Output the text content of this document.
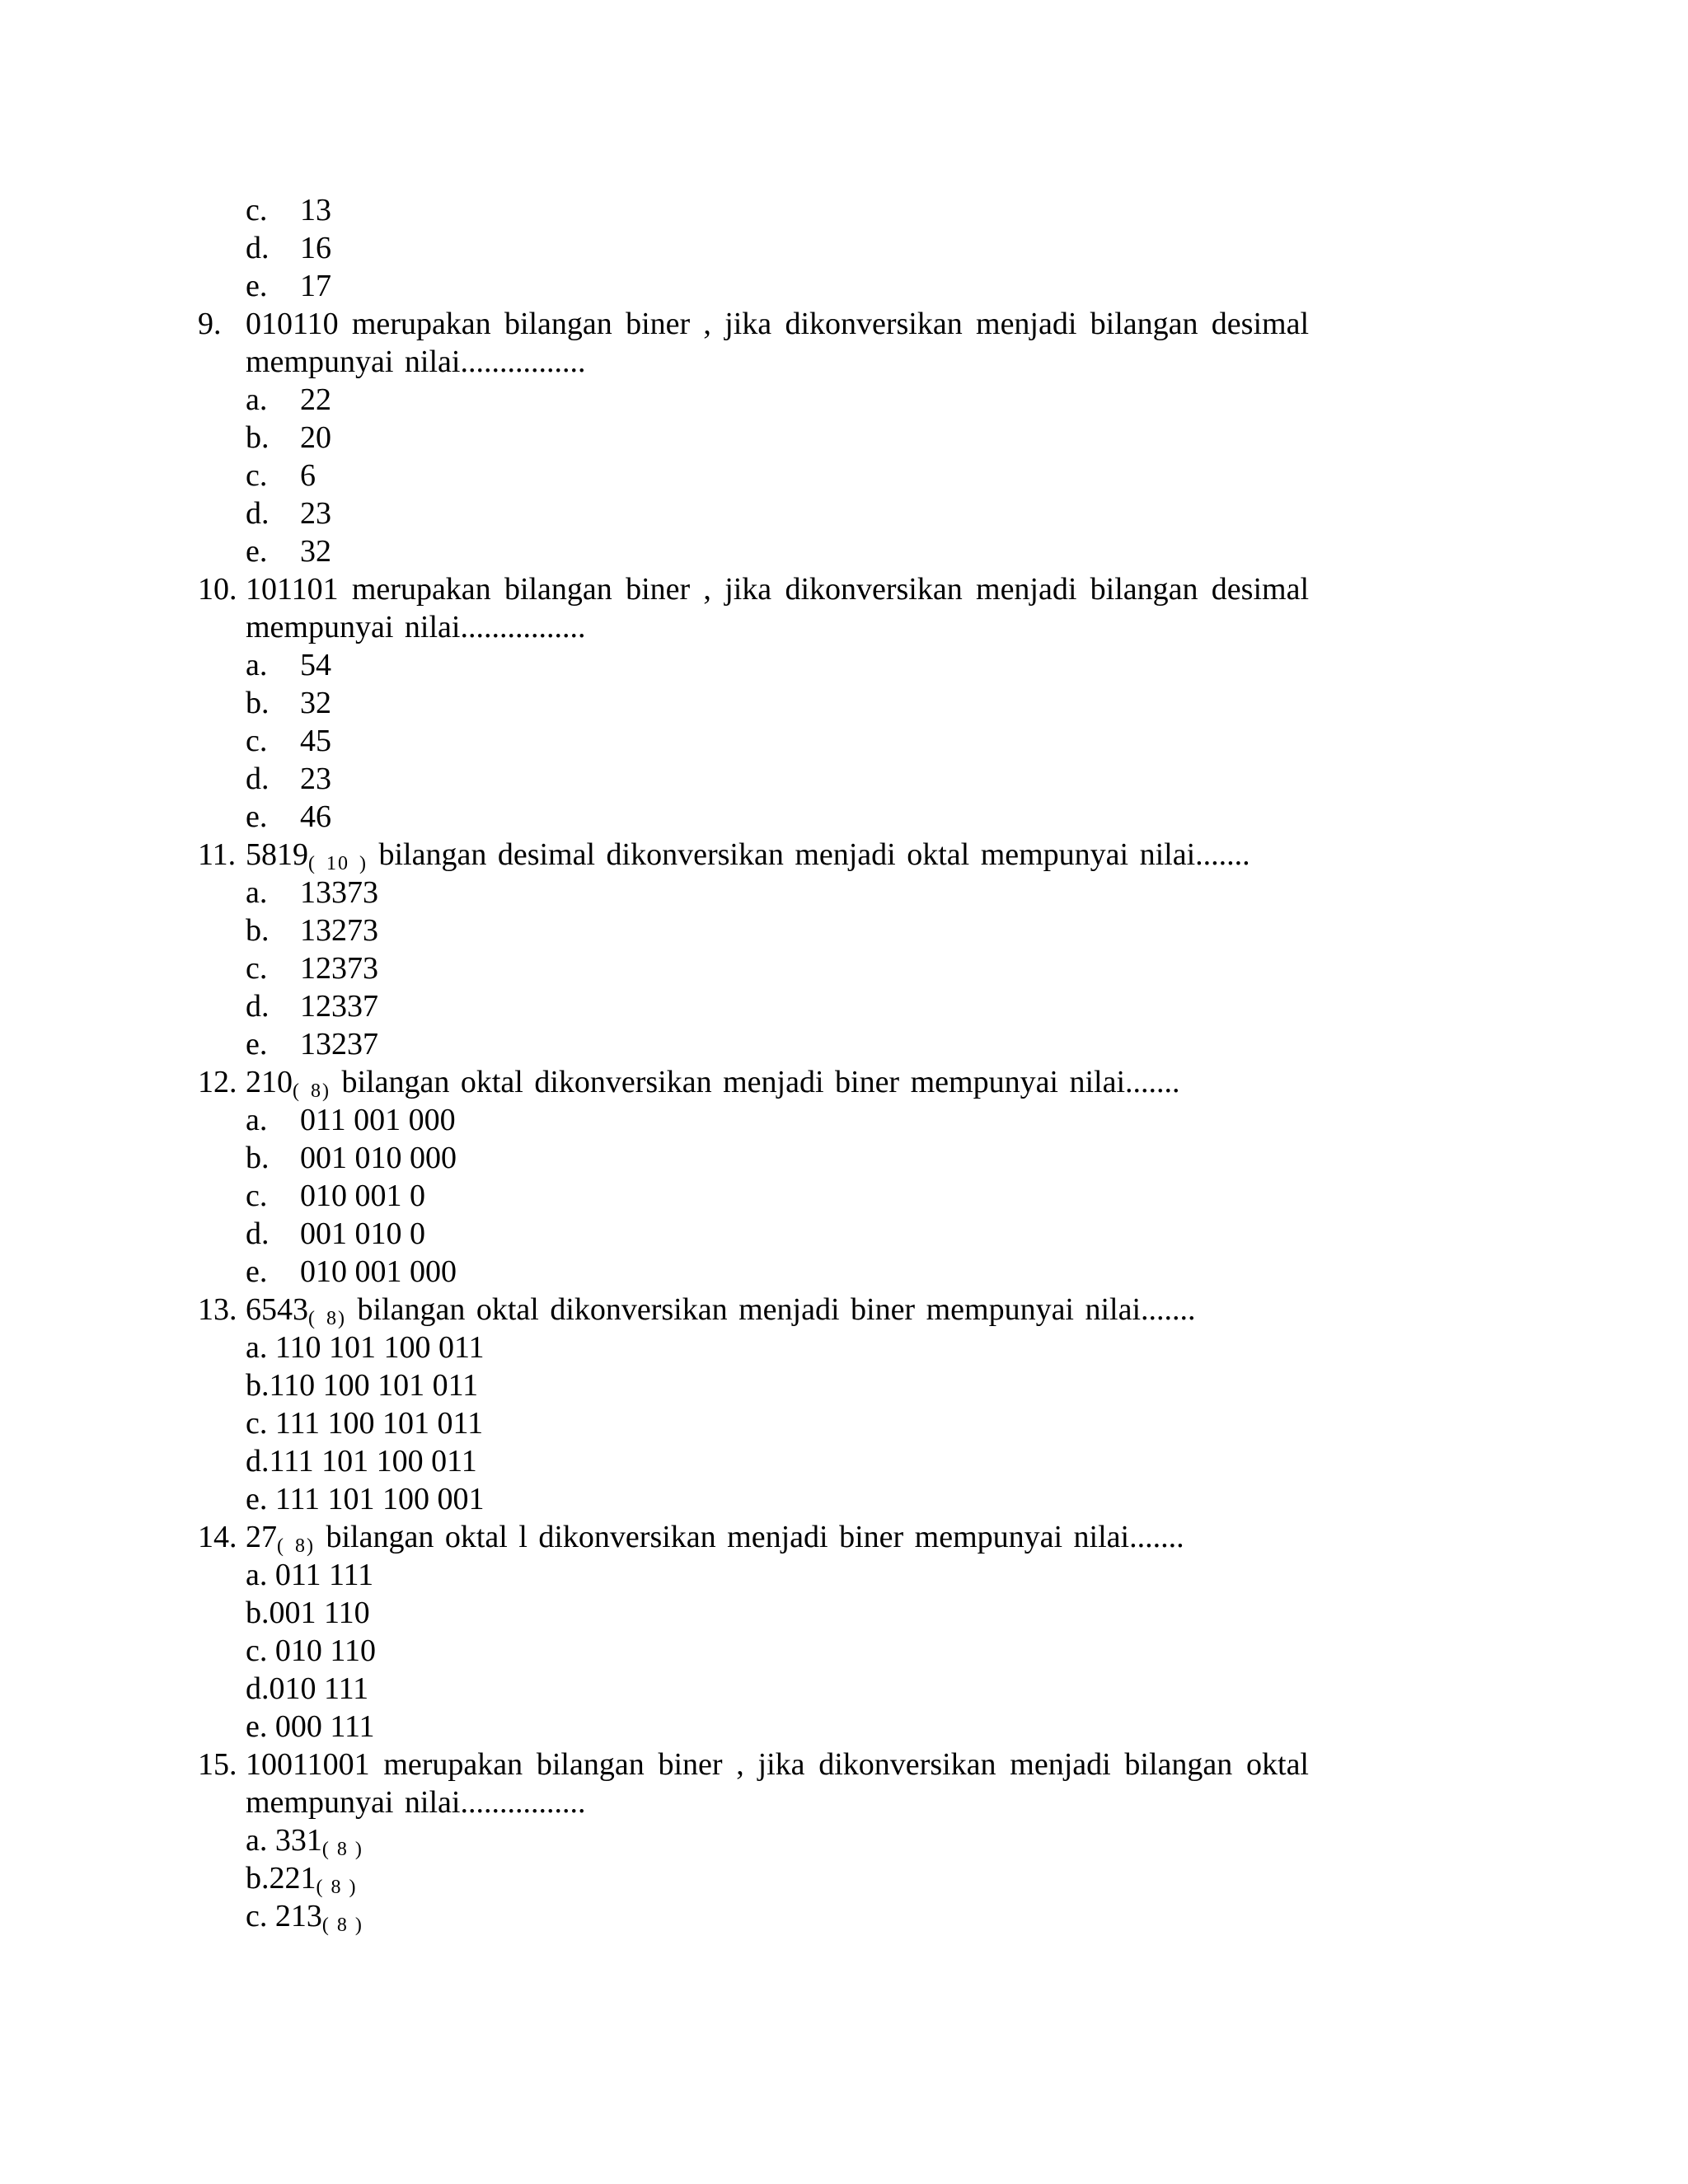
c. 13
d. 16
e. 17
9. 010110 merupakan bilangan biner , jika dikonversikan menjadi bilangan desimal
mempunyai nilai................
a. 22
b. 20
c. 6
d. 23
e. 32
10. 101101 merupakan bilangan biner , jika dikonversikan menjadi bilangan desimal
mempunyai nilai................
a. 54
b. 32
c. 45
d. 23
e. 46
11. 5819( 10 ) bilangan desimal dikonversikan menjadi oktal mempunyai nilai.......
a. 13373
b. 13273
c. 12373
d. 12337
e. 13237
12. 210( 8) bilangan oktal dikonversikan menjadi biner mempunyai nilai.......
a. 011 001 000
b. 001 010 000
c. 010 001 0
d. 001 010 0
e. 010 001 000
13. 6543( 8) bilangan oktal dikonversikan menjadi biner mempunyai nilai.......
a. 110 101 100 011
b.110 100 101 011
c. 111 100 101 011
d.111 101 100 011
e. 111 101 100 001
14. 27( 8) bilangan oktal l dikonversikan menjadi biner mempunyai nilai.......
a. 011 111
b.001 110
c. 010 110
d.010 111
e. 000 111
15. 10011001 merupakan bilangan biner , jika dikonversikan menjadi bilangan oktal
mempunyai nilai................
a. 331( 8 )
b.221( 8 )
c. 213( 8 )
